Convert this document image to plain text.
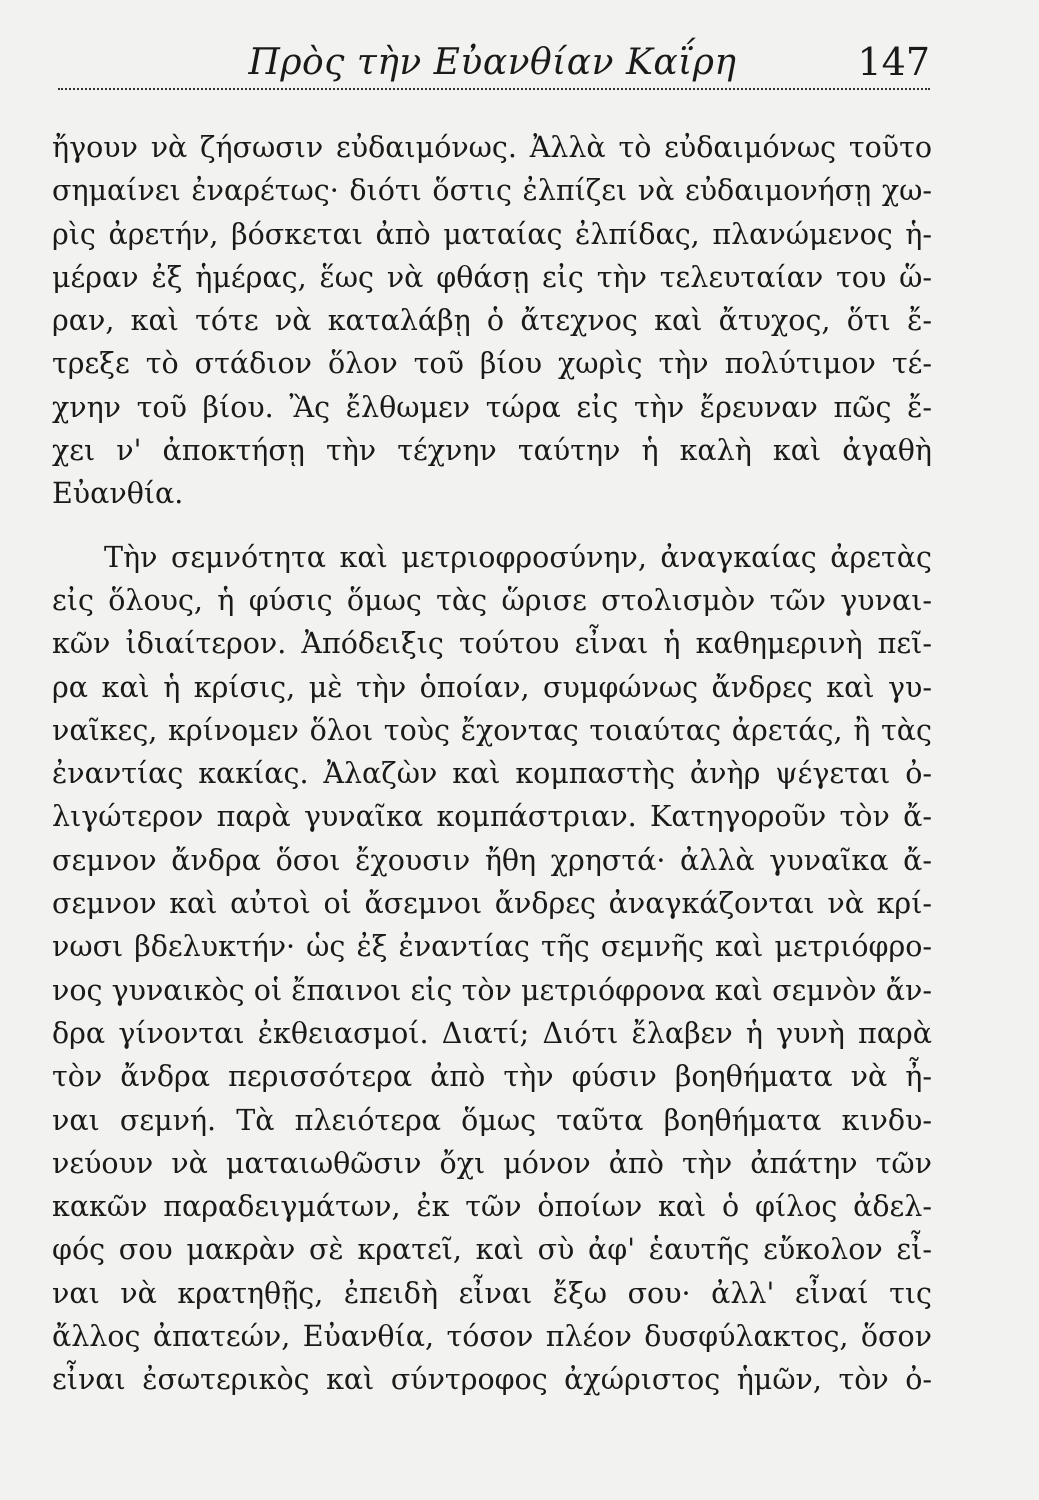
Πρὸς τὴν Εὐανθίαν Καΐρη	147
ἤγουν νὰ ζήσωσιν εὐδαιμόνως. Ἀλλὰ τὸ εὐδαιμόνως τοῦτο
σημαίνει ἐναρέτως· διότι ὅστις ἐλπίζει νὰ εὐδαιμονήσῃ χω-
ρὶς ἀρετήν, βόσκεται ἀπὸ ματαίας ἐλπίδας, πλανώμενος ἡ-
μέραν ἐξ ἡμέρας, ἕως νὰ φθάσῃ εἰς τὴν τελευταίαν του ὥ-
ραν, καὶ τότε νὰ καταλάβῃ ὁ ἄτεχνος καὶ ἄτυχος, ὅτι ἔ-
τρεξε τὸ στάδιον ὅλον τοῦ βίου χωρὶς τὴν πολύτιμον τέ-
χνην τοῦ βίου. Ἂς ἔλθωμεν τώρα εἰς τὴν ἔρευναν πῶς ἔ-
χει ν' ἀποκτήσῃ τὴν τέχνην ταύτην ἡ καλὴ καὶ ἀγαθὴ
Εὐανθία.
Τὴν σεμνότητα καὶ μετριοφροσύνην, ἀναγκαίας ἀρετὰς
εἰς ὅλους, ἡ φύσις ὅμως τὰς ὥρισε στολισμὸν τῶν γυναι-
κῶν ἰδιαίτερον. Ἀπόδειξις τούτου εἶναι ἡ καθημερινὴ πεῖ-
ρα καὶ ἡ κρίσις, μὲ τὴν ὁποίαν, συμφώνως ἄνδρες καὶ γυ-
ναῖκες, κρίνομεν ὅλοι τοὺς ἔχοντας τοιαύτας ἀρετάς, ἢ τὰς
ἐναντίας κακίας. Ἀλαζὼν καὶ κομπαστὴς ἀνὴρ ψέγεται ὀ-
λιγώτερον παρὰ γυναῖκα κομπάστριαν. Κατηγοροῦν τὸν ἄ-
σεμνον ἄνδρα ὅσοι ἔχουσιν ἤθη χρηστά· ἀλλὰ γυναῖκα ἄ-
σεμνον καὶ αὐτοὶ οἱ ἄσεμνοι ἄνδρες ἀναγκάζονται νὰ κρί-
νωσι βδελυκτήν· ὡς ἐξ ἐναντίας τῆς σεμνῆς καὶ μετριόφρο-
νος γυναικὸς οἱ ἔπαινοι εἰς τὸν μετριόφρονα καὶ σεμνὸν ἄν-
δρα γίνονται ἐκθειασμοί. Διατί; Διότι ἔλαβεν ἡ γυνὴ παρὰ
τὸν ἄνδρα περισσότερα ἀπὸ τὴν φύσιν βοηθήματα νὰ ἦ-
ναι σεμνή. Τὰ πλειότερα ὅμως ταῦτα βοηθήματα κινδυ-
νεύουν νὰ ματαιωθῶσιν ὄχι μόνον ἀπὸ τὴν ἀπάτην τῶν
κακῶν παραδειγμάτων, ἐκ τῶν ὁποίων καὶ ὁ φίλος ἀδελ-
φός σου μακρὰν σὲ κρατεῖ, καὶ σὺ ἀφ' ἑαυτῆς εὔκολον εἶ-
ναι νὰ κρατηθῇς, ἐπειδὴ εἶναι ἔξω σου· ἀλλ' εἶναί τις
ἄλλος ἀπατεών, Εὐανθία, τόσον πλέον δυσφύλακτος, ὅσον
εἶναι ἐσωτερικὸς καὶ σύντροφος ἀχώριστος ἡμῶν, τὸν ὀ-
